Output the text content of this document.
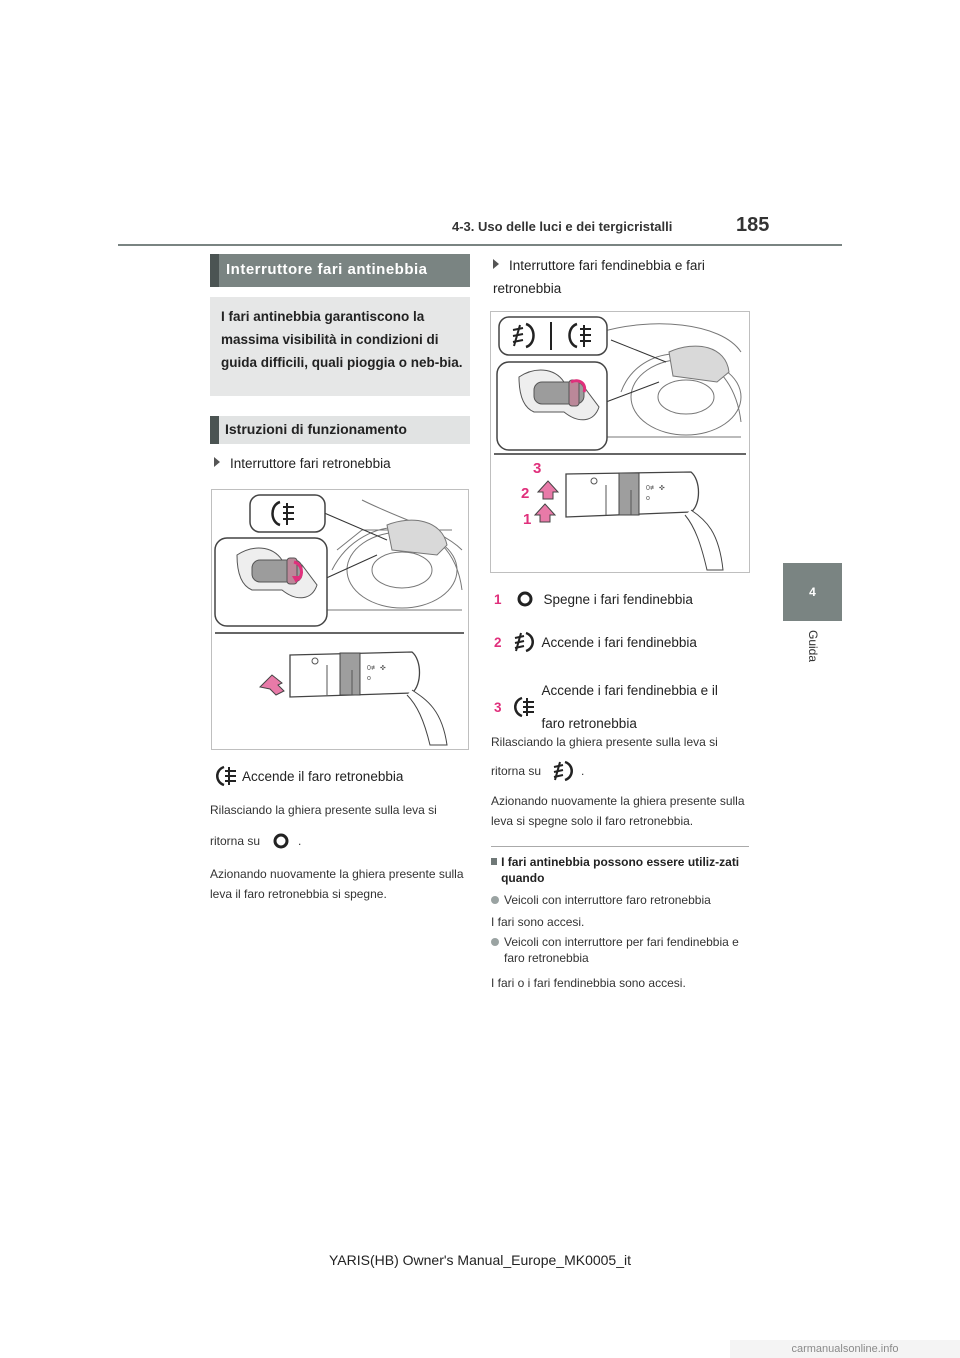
4-3. Uso delle luci e dei tergicristalli	185
4
Guida
Interruttore fari antinebbia

I fari antinebbia garantiscono la massima visibilità in condizioni di guida difficili, quali pioggia o neb-bia.

Istruzioni di funzionamento
Interruttore fari retronebbia
0≢ ✜
o
Accende il faro retronebbia
Rilasciando la ghiera presente sulla leva si
ritorna su	.
Azionando nuovamente la ghiera presente sulla leva il faro retronebbia si spegne.
Interruttore fari fendinebbia e fari retronebbia
0≢ ✜
o
3
2
1
1	Spegne i fari fendinebbia
2	Accende i fari fendinebbia
3
Accende i fari fendinebbia e il faro retronebbia
Rilasciando la ghiera presente sulla leva si
ritorna su	.
Azionando nuovamente la ghiera presente sulla leva si spegne solo il faro retronebbia.
I fari antinebbia possono essere utiliz-zati quando
Veicoli con interruttore faro retronebbia
I fari sono accesi.
Veicoli con interruttore per fari fendinebbia e faro retronebbia
I fari o i fari fendinebbia sono accesi.
YARIS(HB) Owner's Manual_Europe_MK0005_it
carmanualsonline.info
